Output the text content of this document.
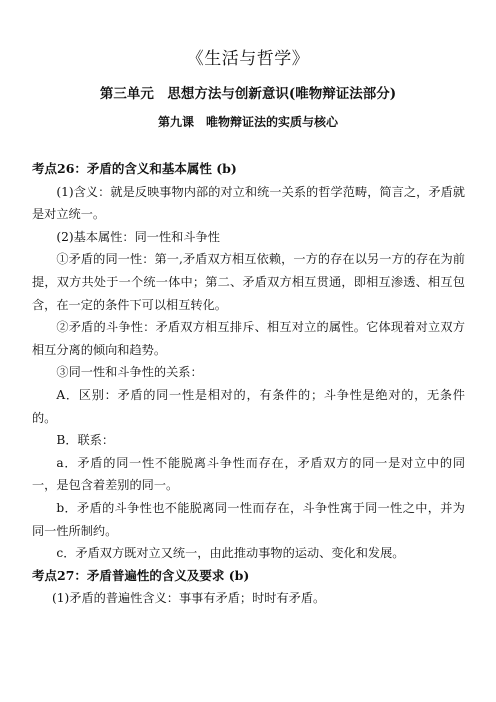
《生活与哲学》
第三单元　思想方法与创新意识(唯物辩证法部分)
第九课　唯物辩证法的实质与核心

考点26：矛盾的含义和基本属性 (b)

(1)含义：就是反映事物内部的对立和统一关系的哲学范畴，简言之，矛盾就是对立统一。

(2)基本属性：同一性和斗争性

①矛盾的同一性：第一,矛盾双方相互依赖，一方的存在以另一方的存在为前提，双方共处于一个统一体中；第二、矛盾双方相互贯通，即相互渗透、相互包含，在一定的条件下可以相互转化。

②矛盾的斗争性：矛盾双方相互排斥、相互对立的属性。它体现着对立双方相互分离的倾向和趋势。

③同一性和斗争性的关系：

A．区别：矛盾的同一性是相对的，有条件的；斗争性是绝对的，无条件的。

B．联系：

a．矛盾的同一性不能脱离斗争性而存在，矛盾双方的同一是对立中的同一，是包含着差别的同一。

b．矛盾的斗争性也不能脱离同一性而存在，斗争性寓于同一性之中，并为同一性所制约。

c．矛盾双方既对立又统一，由此推动事物的运动、变化和发展。

考点27：矛盾普遍性的含义及要求 (b)

(1)矛盾的普遍性含义：事事有矛盾；时时有矛盾。
